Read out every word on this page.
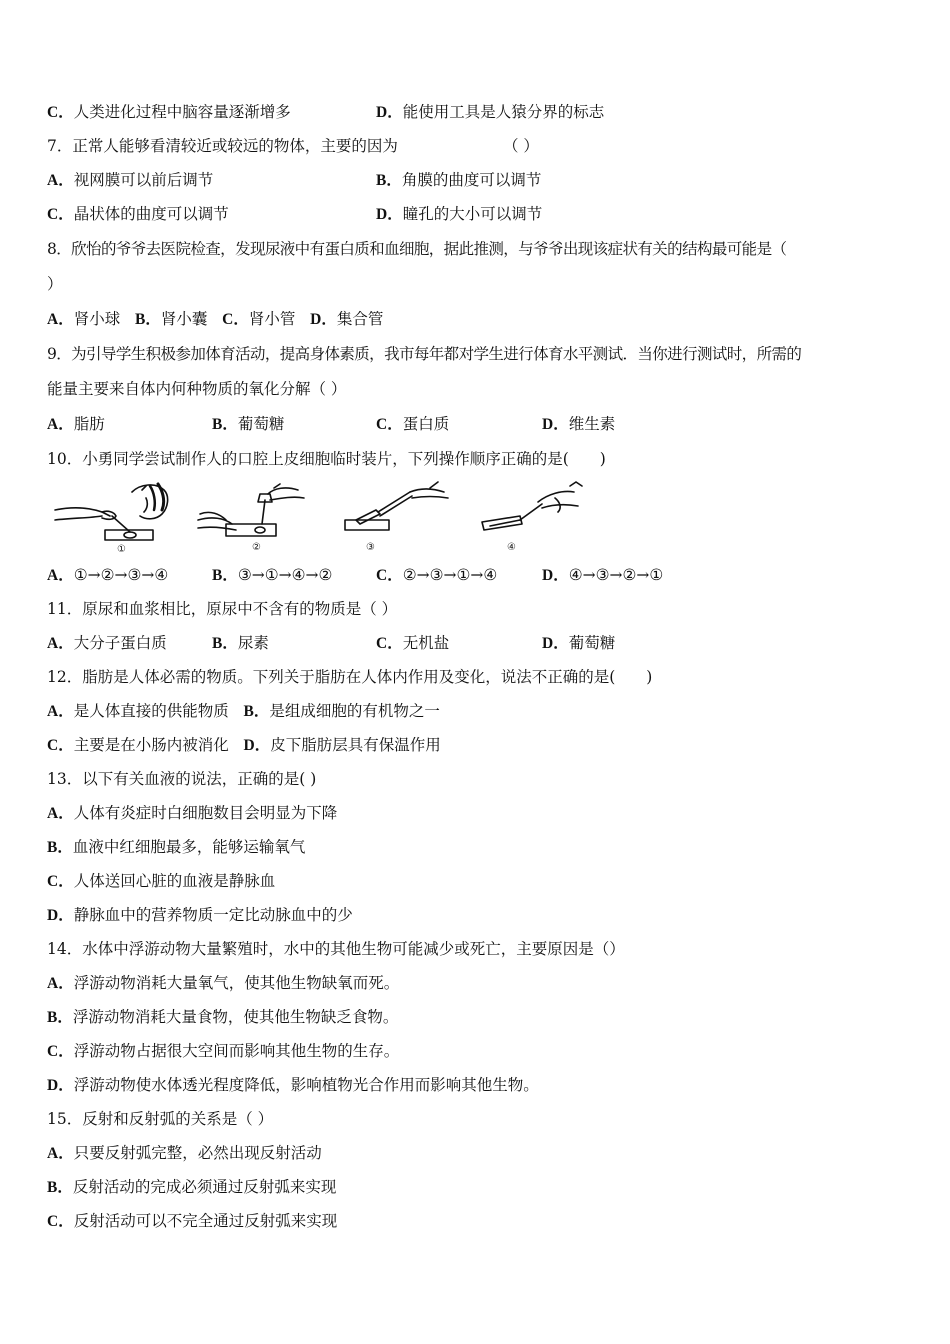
C．人类进化过程中脑容量逐渐增多	D．能使用工具是人猿分界的标志
7．正常人能够看清较近或较远的物体，主要的因为	（ ）
A．视网膜可以前后调节	B．角膜的曲度可以调节
C．晶状体的曲度可以调节	D．瞳孔的大小可以调节
8．欣怡的爷爷去医院检查，发现尿液中有蛋白质和血细胞，据此推测，与爷爷出现该症状有关的结构最可能是（
）
A．肾小球 B．肾小囊 C．肾小管 D．集合管
9．为引导学生积极参加体育活动，提高身体素质，我市每年都对学生进行体育水平测试．当你进行测试时，所需的
能量主要来自体内何种物质的氧化分解（ ）
A．脂肪	B．葡萄糖	C．蛋白质	D．维生素
10．小勇同学尝试制作人的口腔上皮细胞临时装片，下列操作顺序正确的是(　　)
①	②	③	④
A．①→②→③→④	B．③→①→④→②	C．②→③→①→④	D．④→③→②→①
11．原尿和血浆相比，原尿中不含有的物质是（ ）
A．大分子蛋白质	B．尿素	C．无机盐	D．葡萄糖
12．脂肪是人体必需的物质。下列关于脂肪在人体内作用及变化，说法不正确的是(　　)
A．是人体直接的供能物质 B．是组成细胞的有机物之一
C．主要是在小肠内被消化 D．皮下脂肪层具有保温作用
13．以下有关血液的说法，正确的是( )
A．人体有炎症时白细胞数目会明显为下降
B．血液中红细胞最多，能够运输氧气
C．人体送回心脏的血液是静脉血
D．静脉血中的营养物质一定比动脉血中的少
14．水体中浮游动物大量繁殖时，水中的其他生物可能减少或死亡，主要原因是（）
A．浮游动物消耗大量氧气，使其他生物缺氧而死。
B．浮游动物消耗大量食物，使其他生物缺乏食物。
C．浮游动物占据很大空间而影响其他生物的生存。
D．浮游动物使水体透光程度降低，影响植物光合作用而影响其他生物。
15．反射和反射弧的关系是（ ）
A．只要反射弧完整，必然出现反射活动
B．反射活动的完成必须通过反射弧来实现
C．反射活动可以不完全通过反射弧来实现
